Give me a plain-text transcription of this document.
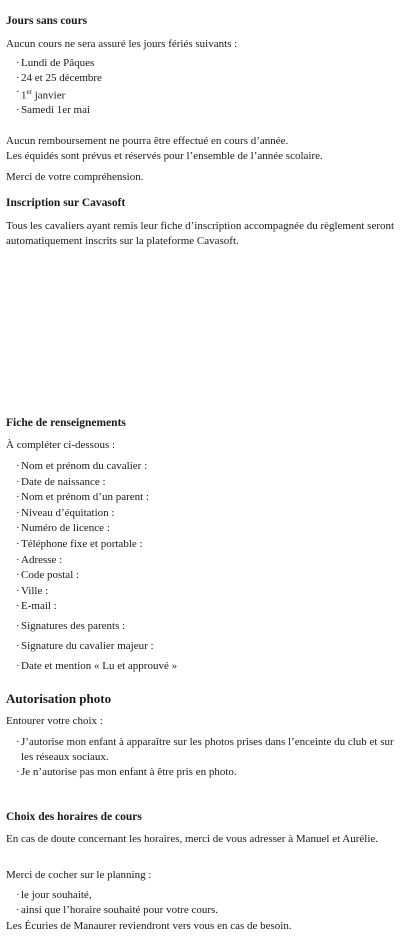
Jours sans cours

Aucun cours ne sera assuré les jours fériés suivants :

· Lundi de Pâques
· 24 et 25 décembre
· 1er janvier
· Samedi 1er mai

Aucun remboursement ne pourra être effectué en cours d’année.

Les équidés sont prévus et réservés pour l’ensemble de l’année scolaire.

Merci de votre compréhension.

Inscription sur Cavasoft

Tous les cavaliers ayant remis leur fiche d’inscription accompagnée du règlement seront automatiquement inscrits sur la plateforme Cavasoft.

Fiche de renseignements

À compléter ci-dessous :

· Nom et prénom du cavalier :
· Date de naissance :
· Nom et prénom d’un parent :
· Niveau d’équitation :
· Numéro de licence :
· Téléphone fixe et portable :
· Adresse :
· Code postal :
· Ville :
· E-mail :
· Signatures des parents :
· Signature du cavalier majeur :
· Date et mention « Lu et approuvé »
Autorisation photo

Entourer votre choix :

· J’autorise mon enfant à apparaître sur les photos prises dans l’enceinte du club et sur les réseaux sociaux.
· Je n’autorise pas mon enfant à être pris en photo.
Choix des horaires de cours

En cas de doute concernant les horaires, merci de vous adresser à Manuel et Aurélie.

Merci de cocher sur le planning :

· le jour souhaité,
· ainsi que l’horaire souhaité pour votre cours.

Les Écuries de Manaurer reviendront vers vous en cas de besoin.
